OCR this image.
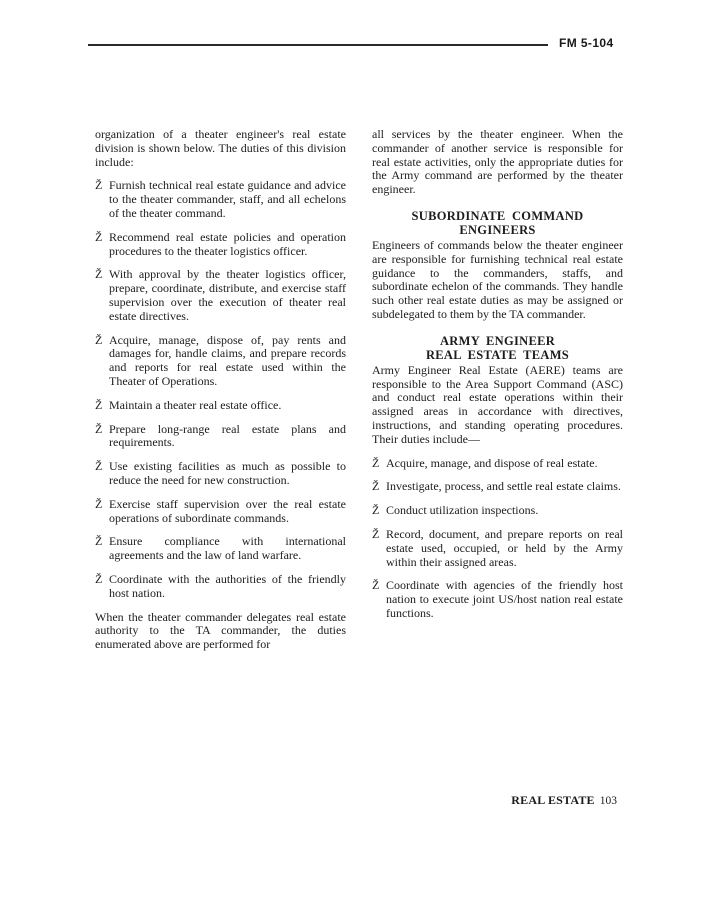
FM 5-104
organization of a theater engineer's real estate division is shown below. The duties of this division include:
Ž Furnish technical real estate guidance and advice to the theater commander, staff, and all echelons of the theater command.
Ž Recommend real estate policies and operation procedures to the theater logistics officer.
Ž With approval by the theater logistics officer, prepare, coordinate, distribute, and exercise staff supervision over the execution of theater real estate directives.
Ž Acquire, manage, dispose of, pay rents and damages for, handle claims, and prepare records and reports for real estate used within the Theater of Operations.
Ž Maintain a theater real estate office.
Ž Prepare long-range real estate plans and requirements.
Ž Use existing facilities as much as possible to reduce the need for new construction.
Ž Exercise staff supervision over the real estate operations of subordinate commands.
Ž Ensure compliance with international agreements and the law of land warfare.
Ž Coordinate with the authorities of the friendly host nation.
When the theater commander delegates real estate authority to the TA commander, the duties enumerated above are performed for
all services by the theater engineer. When the commander of another service is responsible for real estate activities, only the appropriate duties for the Army command are performed by the theater engineer.
SUBORDINATE COMMAND
ENGINEERS
Engineers of commands below the theater engineer are responsible for furnishing technical real estate guidance to the commanders, staffs, and subordinate echelon of the commands. They handle such other real estate duties as may be assigned or subdelegated to them by the TA commander.
ARMY ENGINEER
REAL ESTATE TEAMS
Army Engineer Real Estate (AERE) teams are responsible to the Area Support Command (ASC) and conduct real estate operations within their assigned areas in accordance with directives, instructions, and standing operating procedures. Their duties include—
Ž Acquire, manage, and dispose of real estate.
Ž Investigate, process, and settle real estate claims.
Ž Conduct utilization inspections.
Ž Record, document, and prepare reports on real estate used, occupied, or held by the Army within their assigned areas.
Ž Coordinate with agencies of the friendly host nation to execute joint US/host nation real estate functions.
REAL ESTATE 103
